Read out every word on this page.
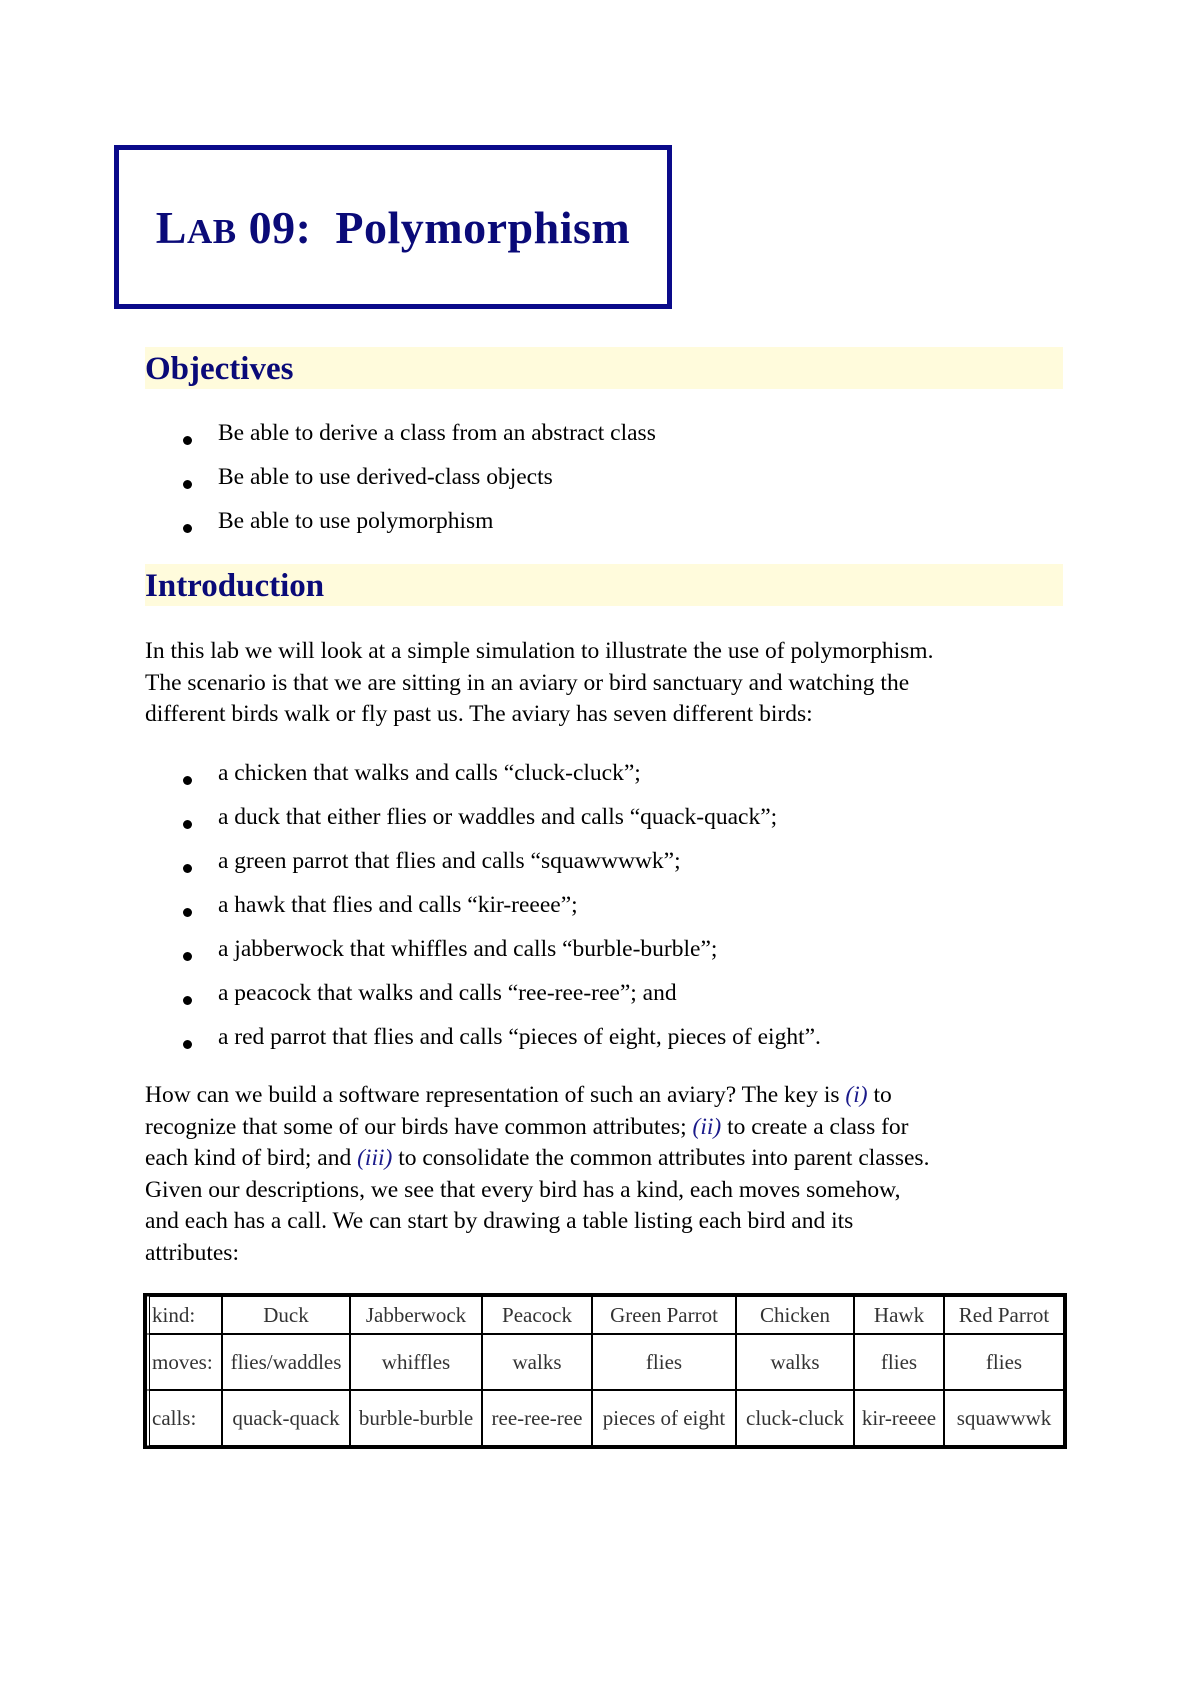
LAB 09: Polymorphism
Objectives
Be able to derive a class from an abstract class
Be able to use derived-class objects
Be able to use polymorphism
Introduction

In this lab we will look at a simple simulation to illustrate the use of polymorphism.
The scenario is that we are sitting in an aviary or bird sanctuary and watching the
different birds walk or fly past us. The aviary has seven different birds:

a chicken that walks and calls “cluck-cluck”;
a duck that either flies or waddles and calls “quack-quack”;
a green parrot that flies and calls “squawwwwk”;
a hawk that flies and calls “kir-reeee”;
a jabberwock that whiffles and calls “burble-burble”;
a peacock that walks and calls “ree-ree-ree”; and
a red parrot that flies and calls “pieces of eight, pieces of eight”.

How can we build a software representation of such an aviary? The key is (i) to
recognize that some of our birds have common attributes; (ii) to create a class for
each kind of bird; and (iii) to consolidate the common attributes into parent classes.
Given our descriptions, we see that every bird has a kind, each moves somehow,
and each has a call. We can start by drawing a table listing each bird and its
attributes:

kind:	Duck	Jabberwock	Peacock	Green Parrot	Chicken	Hawk	Red Parrot
moves:	flies/waddles	whiffles	walks	flies	walks	flies	flies
calls:	quack-quack	burble-burble	ree-ree-ree	pieces of eight	cluck-cluck	kir-reeee	squawwwk
